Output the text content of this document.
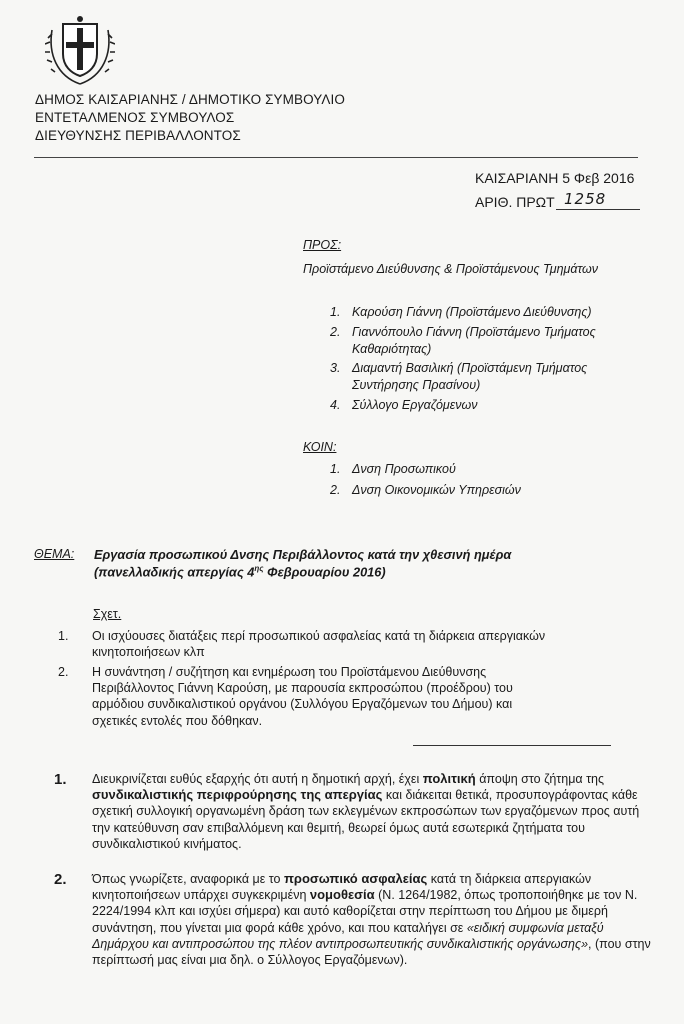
ΔΗΜΟΣ ΚΑΙΣΑΡΙΑΝΗΣ / ΔΗΜΟΤΙΚΟ ΣΥΜΒΟΥΛΙΟ
ΕΝΤΕΤΑΛΜΕΝΟΣ ΣΥΜΒΟΥΛΟΣ
ΔΙΕΥΘΥΝΣΗΣ ΠΕΡΙΒΑΛΛΟΝΤΟΣ
ΚΑΙΣΑΡΙΑΝΗ 5 Φεβ 2016
ΑΡΙΘ. ΠΡΩΤ 1258
ΠΡΟΣ:
Προϊστάμενο Διεύθυνσης & Προϊστάμενους Τμημάτων
1. Καρούση Γιάννη (Προϊστάμενο Διεύθυνσης)
2. Γιαννόπουλο Γιάννη (Προϊστάμενο Τμήματος
Καθαριότητας)
3. Διαμαντή Βασιλική (Προϊστάμενη Τμήματος
Συντήρησης Πρασίνου)
4. Σύλλογο Εργαζόμενων
ΚΟΙΝ:
1. Δνση Προσωπικού
2. Δνση Οικονομικών Υπηρεσιών
ΘΕΜΑ: Εργασία προσωπικού Δνσης Περιβάλλοντος κατά την χθεσινή ημέρα
(πανελλαδικής απεργίας $4^{\eta\varsigma}$ Φεβρουαρίου 2016)
Σχετ.
1. Οι ισχύουσες διατάξεις περί προσωπικού ασφαλείας κατά τη διάρκεια απεργιακών
κινητοποιήσεων κλπ
2. Η συνάντηση / συζήτηση και ενημέρωση του Προϊστάμενου Διεύθυνσης
Περιβάλλοντος Γιάννη Καρούση, με παρουσία εκπροσώπου (προέδρου) του
αρμόδιου συνδικαλιστικού οργάνου (Συλλόγου Εργαζόμενων του Δήμου) και
σχετικές εντολές που δόθηκαν.
1. Διευκρινίζεται ευθύς εξαρχής ότι αυτή η δημοτική αρχή, έχει πολιτική άποψη στο ζήτημα της συνδικαλιστικής περιφρούρησης της απεργίας και διάκειται θετικά, προσυπογράφοντας κάθε σχετική συλλογική οργανωμένη δράση των εκλεγμένων εκπροσώπων των εργαζόμενων προς αυτή την κατεύθυνση σαν επιβαλλόμενη και θεμιτή, θεωρεί όμως αυτά εσωτερικά ζητήματα του συνδικαλιστικού κινήματος.
2. Όπως γνωρίζετε, αναφορικά με το προσωπικό ασφαλείας κατά τη διάρκεια απεργιακών κινητοποιήσεων υπάρχει συγκεκριμένη νομοθεσία (Ν. 1264/1982, όπως τροποποιήθηκε με τον Ν. 2224/1994 κλπ και ισχύει σήμερα) και αυτό καθορίζεται στην περίπτωση του Δήμου με διμερή συνάντηση, που γίνεται μια φορά κάθε χρόνο, και που καταλήγει σε «ειδική συμφωνία μεταξύ Δημάρχου και αντιπροσώπου της πλέον αντιπροσωπευτικής συνδικαλιστικής οργάνωσης», (που στην περίπτωσή μας είναι μια δηλ. ο Σύλλογος Εργαζόμενων).
